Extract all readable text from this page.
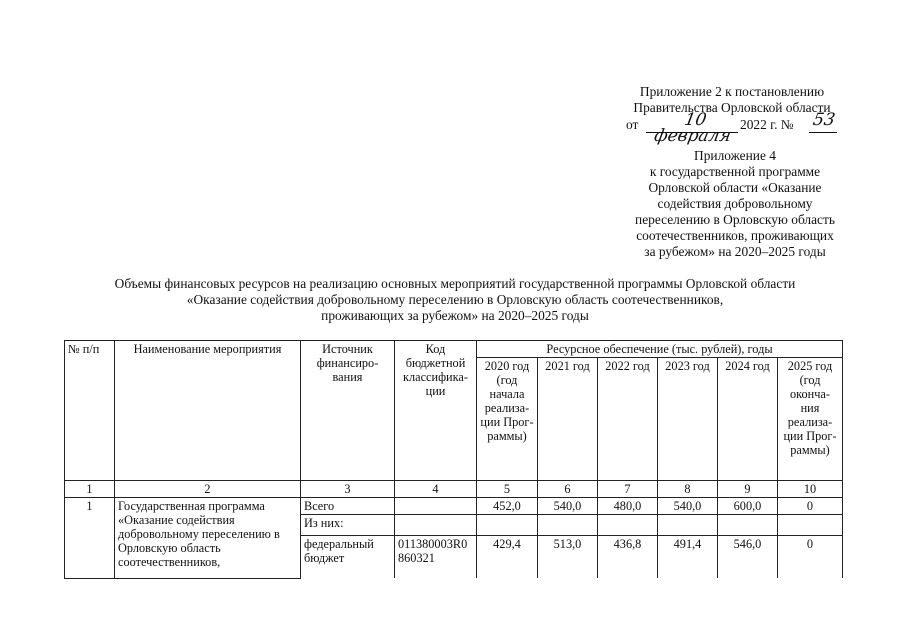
Приложение 2 к постановлению
Правительства Орловской области
от	10 февраля
2022 г. № 53
Приложение 4
к государственной программе
Орловской области «Оказание
содействия добровольному
переселению в Орловскую область
соотечественников, проживающих
за рубежом» на 2020–2025 годы
Объемы финансовых ресурсов на реализацию основных мероприятий государственной программы Орловской области
«Оказание содействия добровольному переселению в Орловскую область соотечественников,
проживающих за рубежом» на 2020–2025 годы
№ п/п	Наименование мероприятия	Источник финансиро-вания	Код бюджетной классифика-ции	Ресурсное обеспечение (тыс. рублей), годы					
				2020 год (год начала реализа-ции Прог-раммы)	2021 год	2022 год	2023 год	2024 год	2025 год (год оконча-ния реализа-ции Прог-раммы)
1	2	3	4	5	6	7	8	9	10
1	Государственная программа «Оказание содействия добровольному переселению в Орловскую область соотечественников,	Всего		452,0	540,0	480,0	540,0	600,0	0
		Из них:							
		федеральный бюджет	011380003R0860321	429,4	513,0	436,8	491,4	546,0	0
